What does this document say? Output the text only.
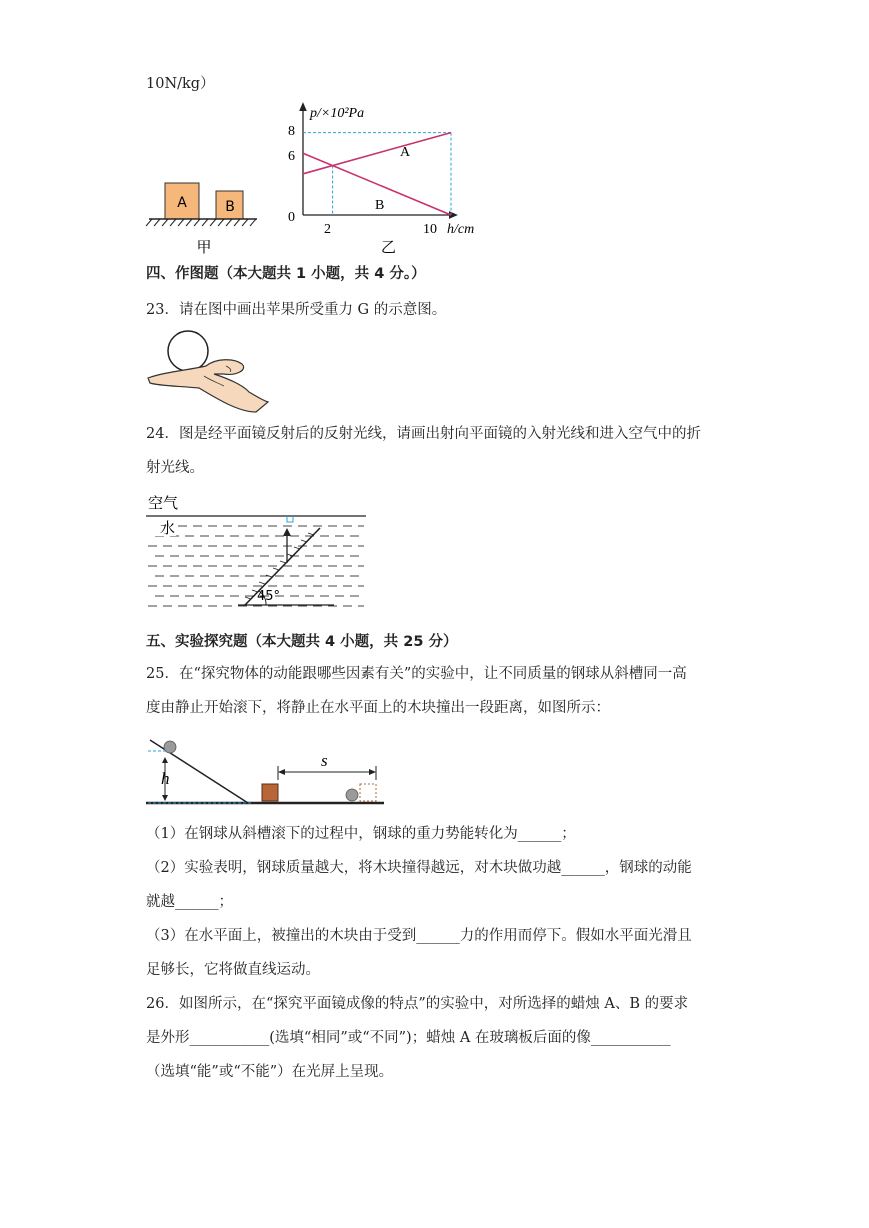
10N/kg）
A	B
甲
p/×10²Pa
8
6
0
2	10 h/cm
A
B
乙
四、作图题（本大题共 1 小题，共 4 分。）
23．请在图中画出苹果所受重力 G 的示意图。
24．图是经平面镜反射后的反射光线，请画出射向平面镜的入射光线和进入空气中的折
射光线。
空气
水
45°
五、实验探究题（本大题共 4 小题，共 25 分）
25．在“探究物体的动能跟哪些因素有关”的实验中，让不同质量的钢球从斜槽同一高
度由静止开始滚下，将静止在水平面上的木块撞出一段距离，如图所示：
h
s
（1）在钢球从斜槽滚下的过程中，钢球的重力势能转化为______；
（2）实验表明，钢球质量越大，将木块撞得越远，对木块做功越______，钢球的动能
就越______；
（3）在水平面上，被撞出的木块由于受到______力的作用而停下。假如水平面光滑且
足够长，它将做直线运动。
26．如图所示，在“探究平面镜成像的特点”的实验中，对所选择的蜡烛 A、B 的要求
是外形___________(选填“相同”或“不同”)；蜡烛 A 在玻璃板后面的像___________
（选填“能”或“不能”）在光屏上呈现。
